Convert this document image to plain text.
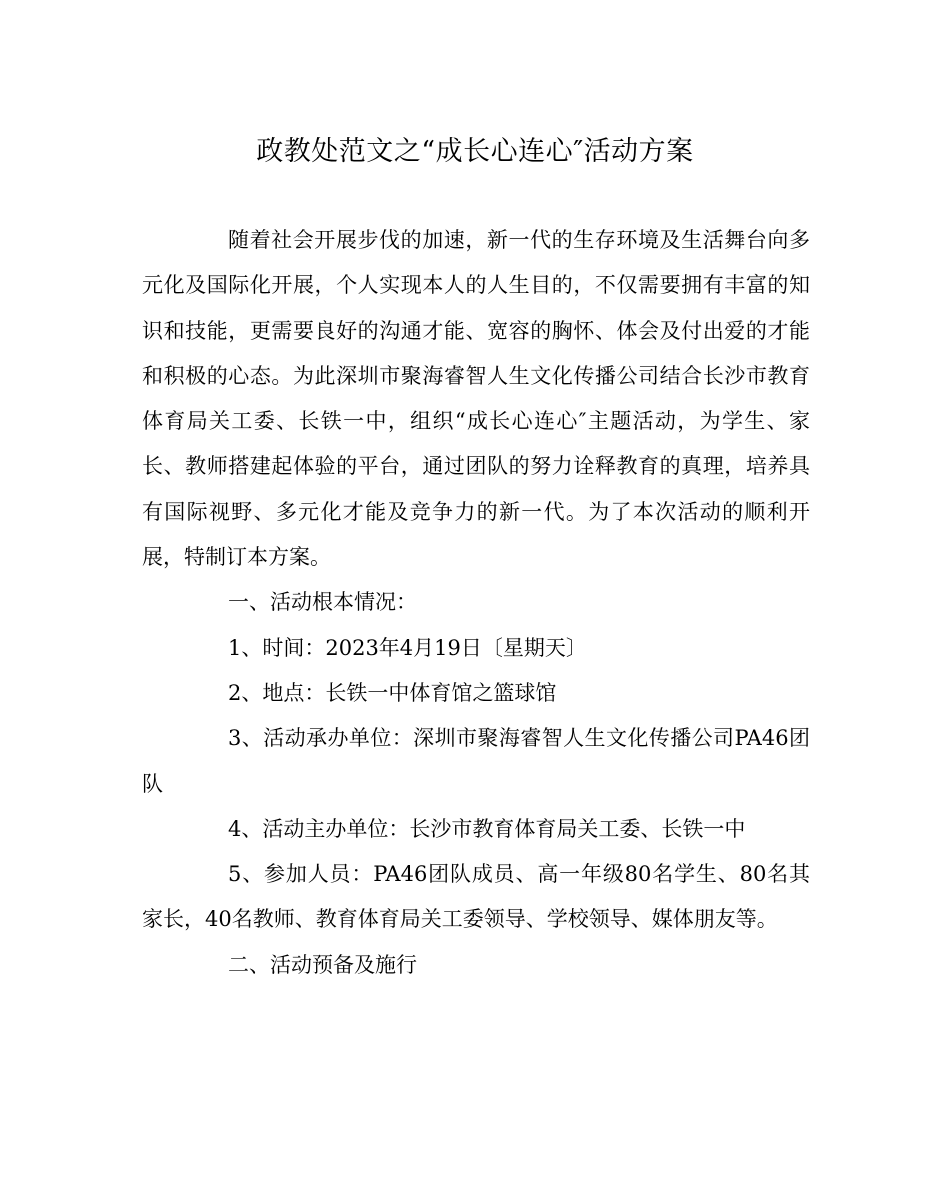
政教处范文之“成长心连心″活动方案

随着社会开展步伐的加速，新一代的生存环境及生活舞台向多元化及国际化开展，个人实现本人的人生目的，不仅需要拥有丰富的知识和技能，更需要良好的沟通才能、宽容的胸怀、体会及付出爱的才能和积极的心态。为此深圳市聚海睿智人生文化传播公司结合长沙市教育体育局关工委、长铁一中，组织“成长心连心″主题活动，为学生、家长、教师搭建起体验的平台，通过团队的努力诠释教育的真理，培养具有国际视野、多元化才能及竞争力的新一代。为了本次活动的顺利开展，特制订本方案。

一、活动根本情况：

1、时间：2023年4月19日〔星期天〕

2、地点：长铁一中体育馆之篮球馆

3、活动承办单位：深圳市聚海睿智人生文化传播公司PA46团队

4、活动主办单位：长沙市教育体育局关工委、长铁一中

5、参加人员：PA46团队成员、高一年级80名学生、80名其家长，40名教师、教育体育局关工委领导、学校领导、媒体朋友等。

二、活动预备及施行
